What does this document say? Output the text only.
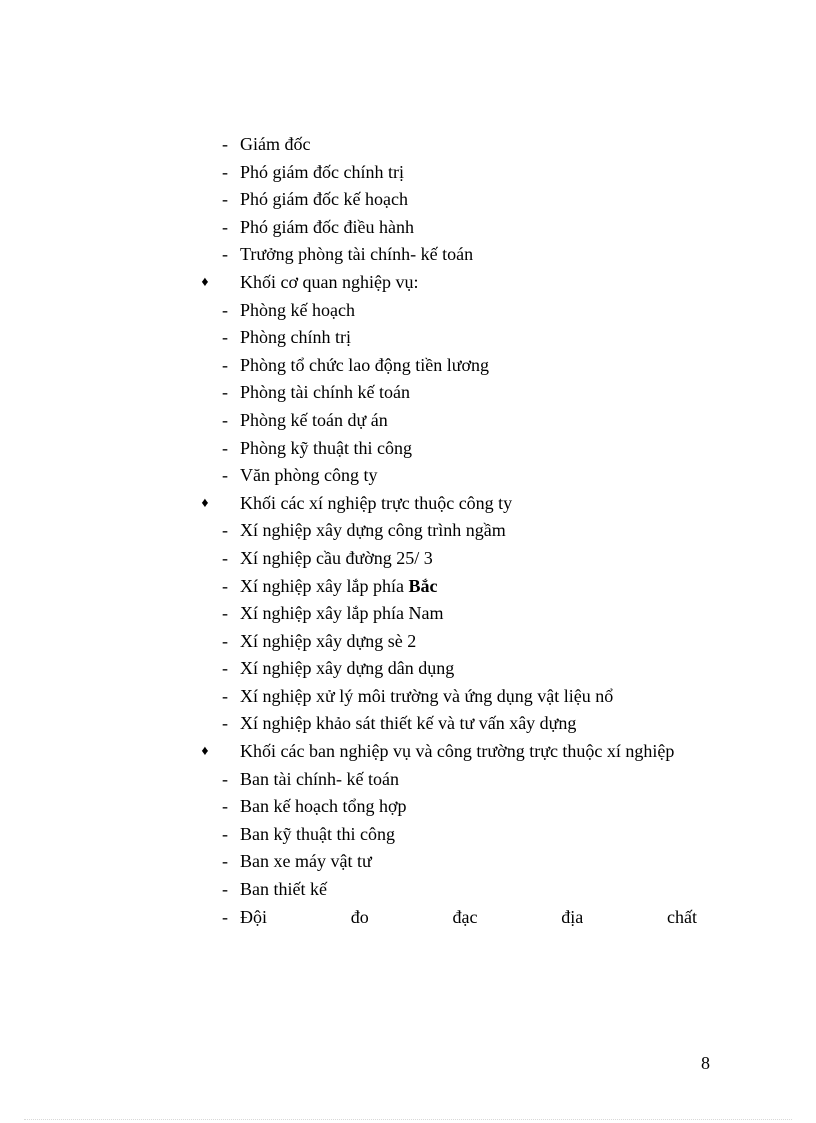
- Giám đốc
- Phó giám đốc chính trị
- Phó giám đốc kế hoạch
- Phó giám đốc điều hành
- Trưởng phòng tài chính- kế toán
♦ Khối cơ quan nghiệp vụ:
- Phòng kế hoạch
- Phòng chính trị
- Phòng tổ chức lao động tiền lương
- Phòng tài chính kế toán
- Phòng kế toán dự án
- Phòng kỹ thuật thi công
- Văn phòng công ty
♦ Khối các xí nghiệp trực thuộc công ty
- Xí nghiệp xây dựng công trình ngầm
- Xí nghiệp cầu đường 25/ 3
- Xí nghiệp xây lắp phía Bắc
- Xí nghiệp xây lắp phía Nam
- Xí nghiệp xây dựng sè 2
- Xí nghiệp xây dựng dân dụng
- Xí nghiệp xử lý môi trường và ứng dụng vật liệu nổ
- Xí nghiệp khảo sát thiết kế và tư vấn xây dựng
♦ Khối các ban nghiệp vụ và công trường trực thuộc xí nghiệp
- Ban tài chính- kế toán
- Ban kế hoạch tổng hợp
- Ban kỹ thuật thi công
- Ban xe máy vật tư
- Ban thiết kế
- Đội	đo	đạc	địa	chất
8
